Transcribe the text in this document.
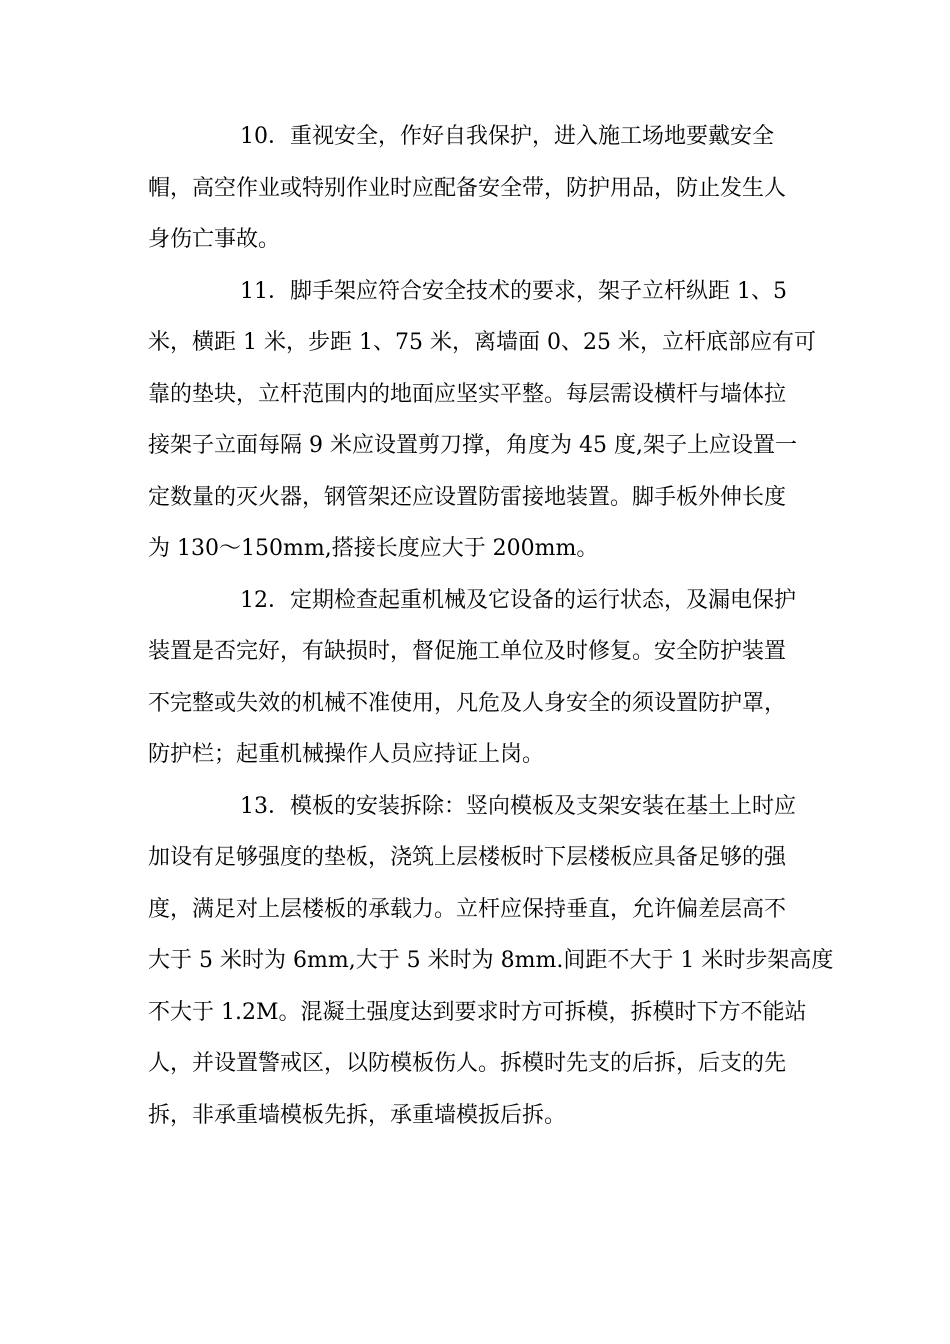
10．重视安全，作好自我保护，进入施工场地要戴安全

帽，高空作业或特别作业时应配备安全带，防护用品，防止发生人

身伤亡事故。

11．脚手架应符合安全技术的要求，架子立杆纵距 1、5

米，横距 1 米，步距 1、75 米，离墙面 0、25 米，立杆底部应有可

靠的垫块，立杆范围内的地面应坚实平整。每层需设横杆与墙体拉

接架子立面每隔 9 米应设置剪刀撑，角度为 45 度,架子上应设置一

定数量的灭火器，钢管架还应设置防雷接地装置。脚手板外伸长度

为 130～150mm,搭接长度应大于 200mm。

12．定期检查起重机械及它设备的运行状态，及漏电保护

装置是否完好，有缺损时，督促施工单位及时修复。安全防护装置

不完整或失效的机械不准使用，凡危及人身安全的须设置防护罩，

防护栏；起重机械操作人员应持证上岗。

13．模板的安装拆除：竖向模板及支架安装在基土上时应

加设有足够强度的垫板，浇筑上层楼板时下层楼板应具备足够的强

度，满足对上层楼板的承载力。立杆应保持垂直，允许偏差层高不

大于 5 米时为 6mm,大于 5 米时为 8mm.间距不大于 1 米时步架高度

不大于 1.2M。混凝土强度达到要求时方可拆模，拆模时下方不能站

人，并设置警戒区，以防模板伤人。拆模时先支的后拆，后支的先

拆，非承重墙模板先拆，承重墙模扳后拆。
